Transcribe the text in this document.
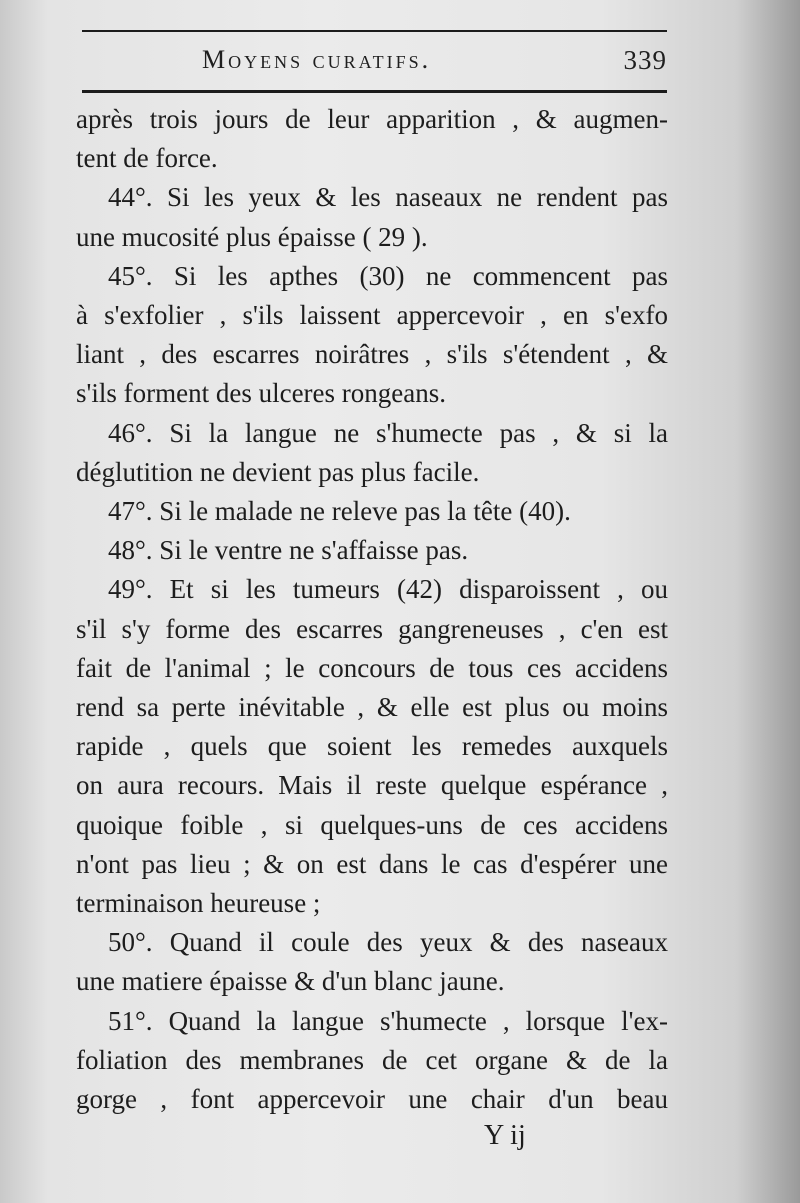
Moyens curatifs.	339
après trois jours de leur apparition , & augmen-
tent de force.
44°. Si les yeux & les naseaux ne rendent pas
une mucosité plus épaisse ( 29 ).
45°. Si les apthes (30) ne commencent pas
à s'exfolier , s'ils laissent appercevoir , en s'exfo
liant , des escarres noirâtres , s'ils s'étendent , &
s'ils forment des ulceres rongeans.
46°. Si la langue ne s'humecte pas , & si la
déglutition ne devient pas plus facile.
47°. Si le malade ne releve pas la tête (40).
48°. Si le ventre ne s'affaisse pas.
49°. Et si les tumeurs (42) disparoissent , ou
s'il s'y forme des escarres gangreneuses , c'en est
fait de l'animal ; le concours de tous ces accidens
rend sa perte inévitable , & elle est plus ou moins
rapide , quels que soient les remedes auxquels
on aura recours. Mais il reste quelque espérance ,
quoique foible , si quelques-uns de ces accidens
n'ont pas lieu ; & on est dans le cas d'espérer une
terminaison heureuse ;
50°. Quand il coule des yeux & des naseaux
une matiere épaisse & d'un blanc jaune.
51°. Quand la langue s'humecte , lorsque l'ex-
foliation des membranes de cet organe & de la
gorge , font appercevoir une chair d'un beau
Y ij
